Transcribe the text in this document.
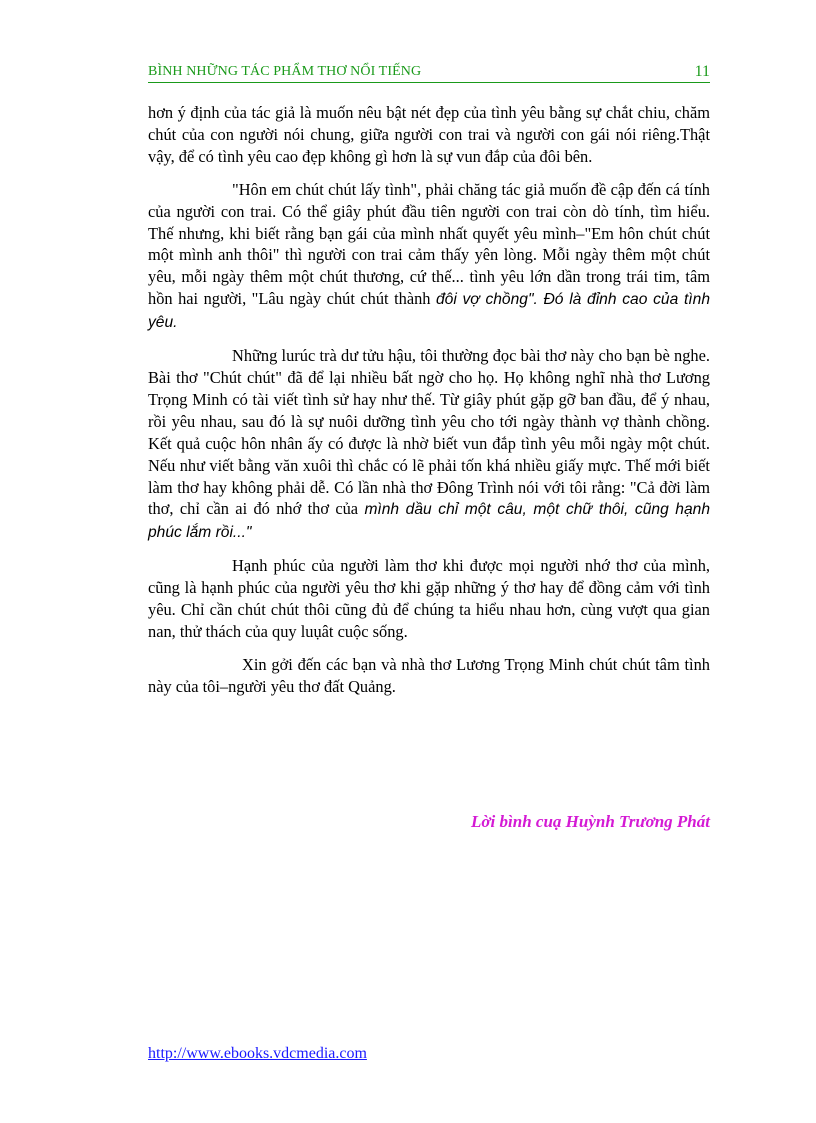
BÌNH NHỮNG TÁC PHẨM THƠ NỔI TIẾNG	11

hơn ý định của tác giả là muốn nêu bật nét đẹp của tình yêu bằng sự chắt chiu, chăm chút của con người nói chung, giữa người con trai và người con gái nói riêng.Thật vậy, để có tình yêu cao đẹp không gì hơn là sự vun đắp của đôi bên.

"Hôn em chút chút lấy tình", phải chăng tác giả muốn đề cập đến cá tính của người con trai. Có thể giây phút đầu tiên người con trai còn dò tính, tìm hiểu. Thế nhưng, khi biết rằng bạn gái của mình nhất quyết yêu mình–"Em hôn chút chút một mình anh thôi" thì người con trai cảm thấy yên lòng. Mỗi ngày thêm một chút yêu, mỗi ngày thêm một chút thương, cứ thế... tình yêu lớn dần trong trái tim, tâm hồn hai người, "Lâu ngày chút chút thành đôi vợ chồng". Đó là đỉnh cao của tình yêu.

Những lurúc trà dư tửu hậu, tôi thường đọc bài thơ này cho bạn bè nghe. Bài thơ "Chút chút" đã để lại nhiều bất ngờ cho họ. Họ không nghĩ nhà thơ Lương Trọng Minh có tài viết tình sử hay như thế. Từ giây phút gặp gỡ ban đầu, để ý nhau, rồi yêu nhau, sau đó là sự nuôi dưỡng tình yêu cho tới ngày thành vợ thành chồng. Kết quả cuộc hôn nhân ấy có được là nhờ biết vun đắp tình yêu mỗi ngày một chút. Nếu như viết bằng văn xuôi thì chắc có lẽ phải tốn khá nhiều giấy mực. Thế mới biết làm thơ hay không phải dễ. Có lần nhà thơ Đông Trình nói với tôi rằng: "Cả đời làm thơ, chỉ cần ai đó nhớ thơ của mình dầu chỉ một câu, một chữ thôi, cũng hạnh phúc lắm rồi..."

Hạnh phúc của người làm thơ khi được mọi người nhớ thơ của mình, cũng là hạnh phúc của người yêu thơ khi gặp những ý thơ hay để đồng cảm với tình yêu. Chỉ cần chút chút thôi cũng đủ để chúng ta hiểu nhau hơn, cùng vượt qua gian nan, thử thách của quy luụât cuộc sống.

Xin gởi đến các bạn và nhà thơ Lương Trọng Minh chút chút tâm tình này của tôi–người yêu thơ đất Quảng.

Lời bình cuạ Huỳnh Trương Phát
http://www.ebooks.vdcmedia.com
